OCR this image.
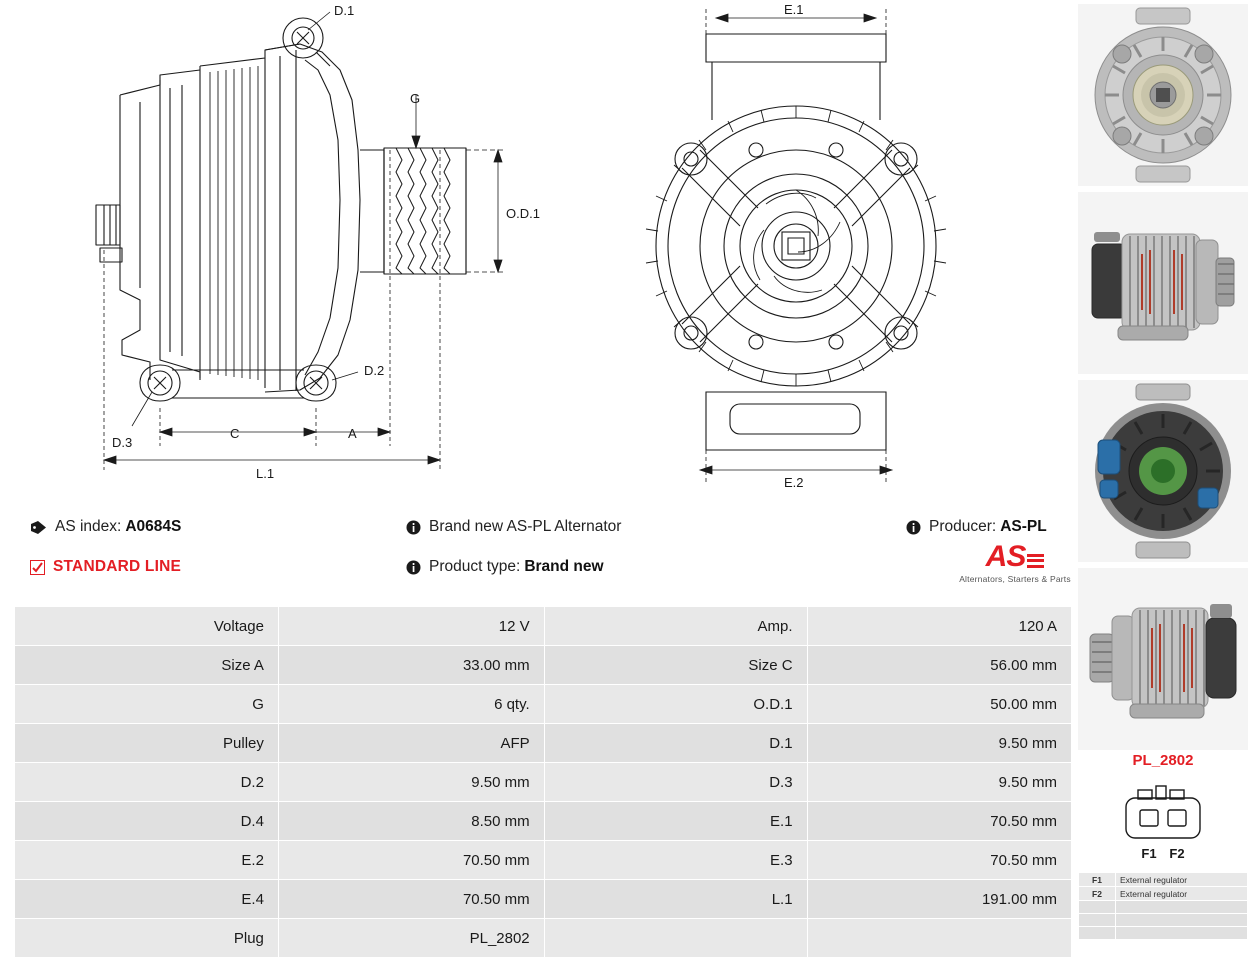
D.1
G
O.D.1
D.2
D.3
C	A
L.1
E.1
E.2
AS index: A0684S
STANDARD LINE
Brand new AS-PL Alternator
Product type: Brand new
Producer: AS-PL
AS
Alternators, Starters & Parts
Voltage	12 V	Amp.	120 A
Size A	33.00 mm	Size C	56.00 mm
G	6 qty.	O.D.1	50.00 mm
Pulley	AFP	D.1	9.50 mm
D.2	9.50 mm	D.3	9.50 mm
D.4	8.50 mm	E.1	70.50 mm
E.2	70.50 mm	E.3	70.50 mm
E.4	70.50 mm	L.1	191.00 mm
Plug	PL_2802		
PL_2802
F1 F2
F1	External regulator
F2	External regulator
